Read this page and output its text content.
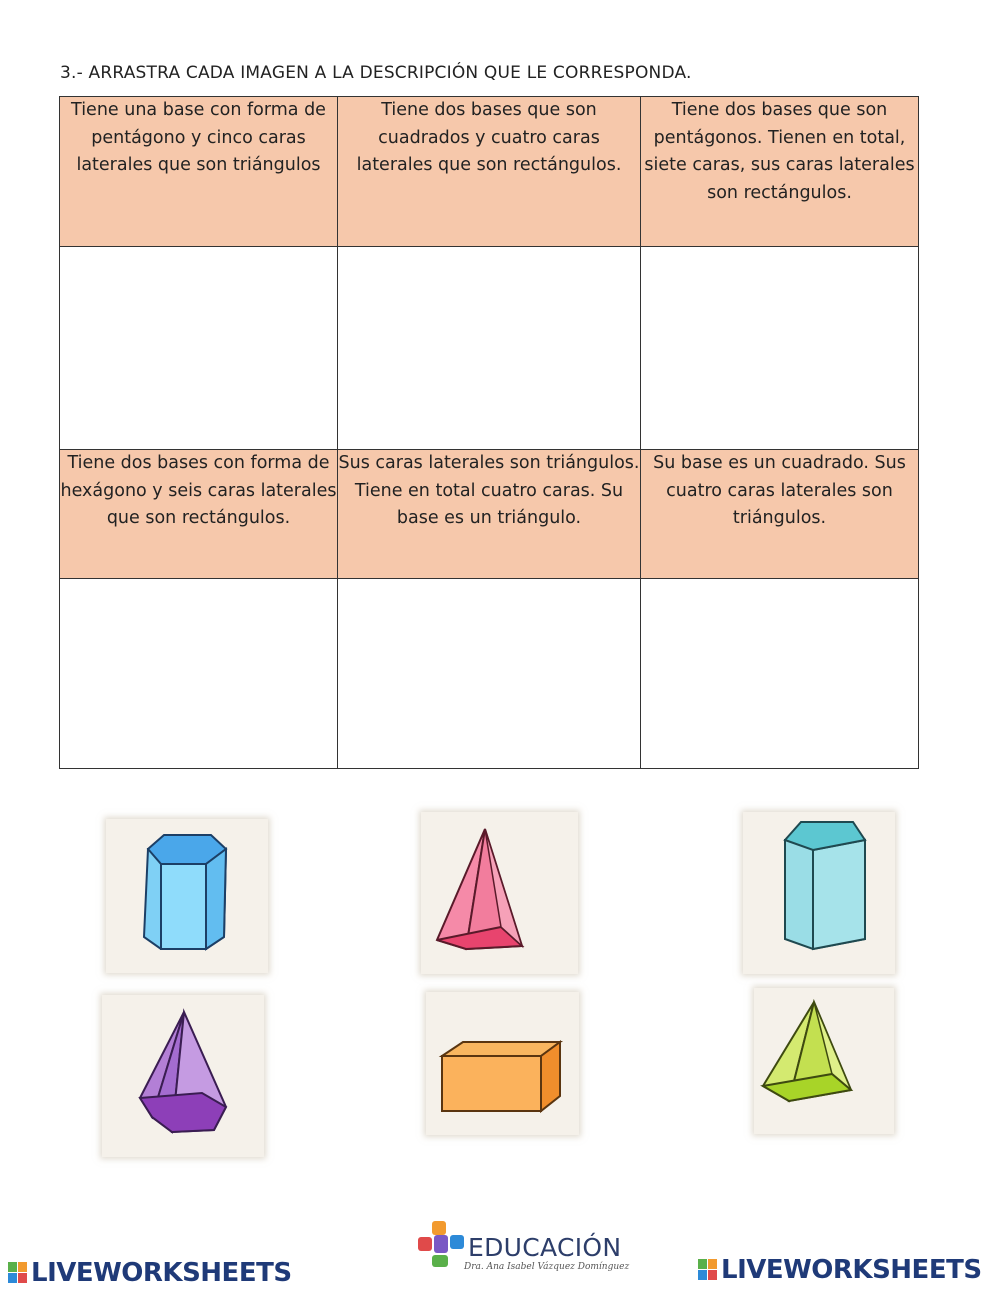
3.- ARRASTRA CADA IMAGEN A LA DESCRIPCIÓN QUE LE CORRESPONDA.
Tiene una base con forma de pentágono y cinco caras laterales que son triángulos	Tiene dos bases que son cuadrados y cuatro caras laterales que son rectángulos.	Tiene dos bases que son pentágonos. Tienen en total, siete caras, sus caras laterales son rectángulos.

Tiene dos bases con forma de hexágono y seis caras laterales que son rectángulos.	Sus caras laterales son triángulos. Tiene en total cuatro caras. Su base es un triángulo.	Su base es un cuadrado. Sus cuatro caras laterales son triángulos.

LIVEWORKSHEETS
EDUCACIÓN
Dra. Ana Isabel Vázquez Domínguez	LIVEWORKSHEETS
